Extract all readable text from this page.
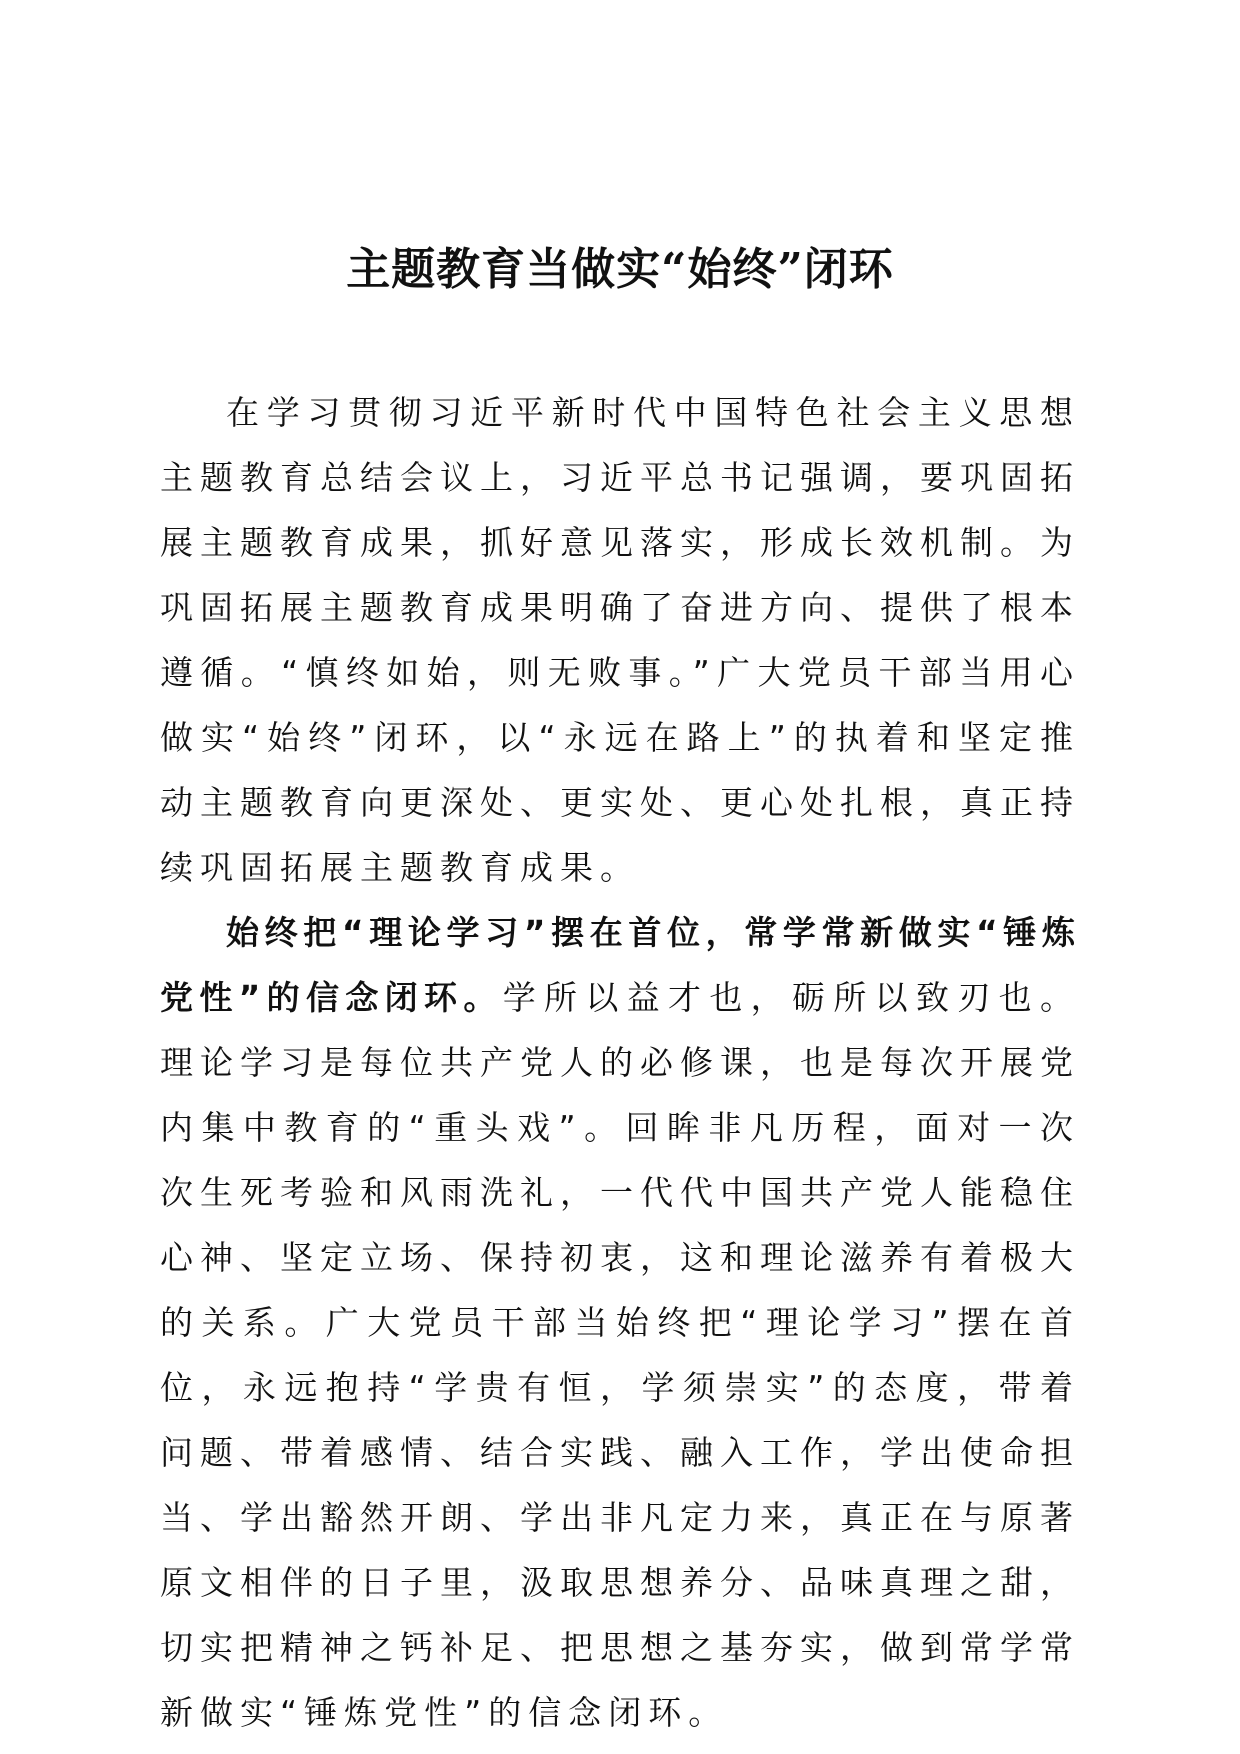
主题教育当做实“始终”闭环

在学习贯彻习近平新时代中国特色社会主义思想主题教育总结会议上，习近平总书记强调，要巩固拓展主题教育成果，抓好意见落实，形成长效机制。为巩固拓展主题教育成果明确了奋进方向、提供了根本遵循。“慎终如始，则无败事。”广大党员干部当用心做实“始终”闭环，以“永远在路上”的执着和坚定推动主题教育向更深处、更实处、更心处扎根，真正持续巩固拓展主题教育成果。

始终把“理论学习”摆在首位，常学常新做实“锤炼党性”的信念闭环。学所以益才也，砺所以致刃也。理论学习是每位共产党人的必修课，也是每次开展党内集中教育的“重头戏”。回眸非凡历程，面对一次次生死考验和风雨洗礼，一代代中国共产党人能稳住心神、坚定立场、保持初衷，这和理论滋养有着极大的关系。广大党员干部当始终把“理论学习”摆在首位，永远抱持“学贵有恒，学须崇实”的态度，带着问题、带着感情、结合实践、融入工作，学出使命担当、学出豁然开朗、学出非凡定力来，真正在与原著原文相伴的日子里，汲取思想养分、品味真理之甜，切实把精神之钙补足、把思想之基夯实，做到常学常新做实“锤炼党性”的信念闭环。
